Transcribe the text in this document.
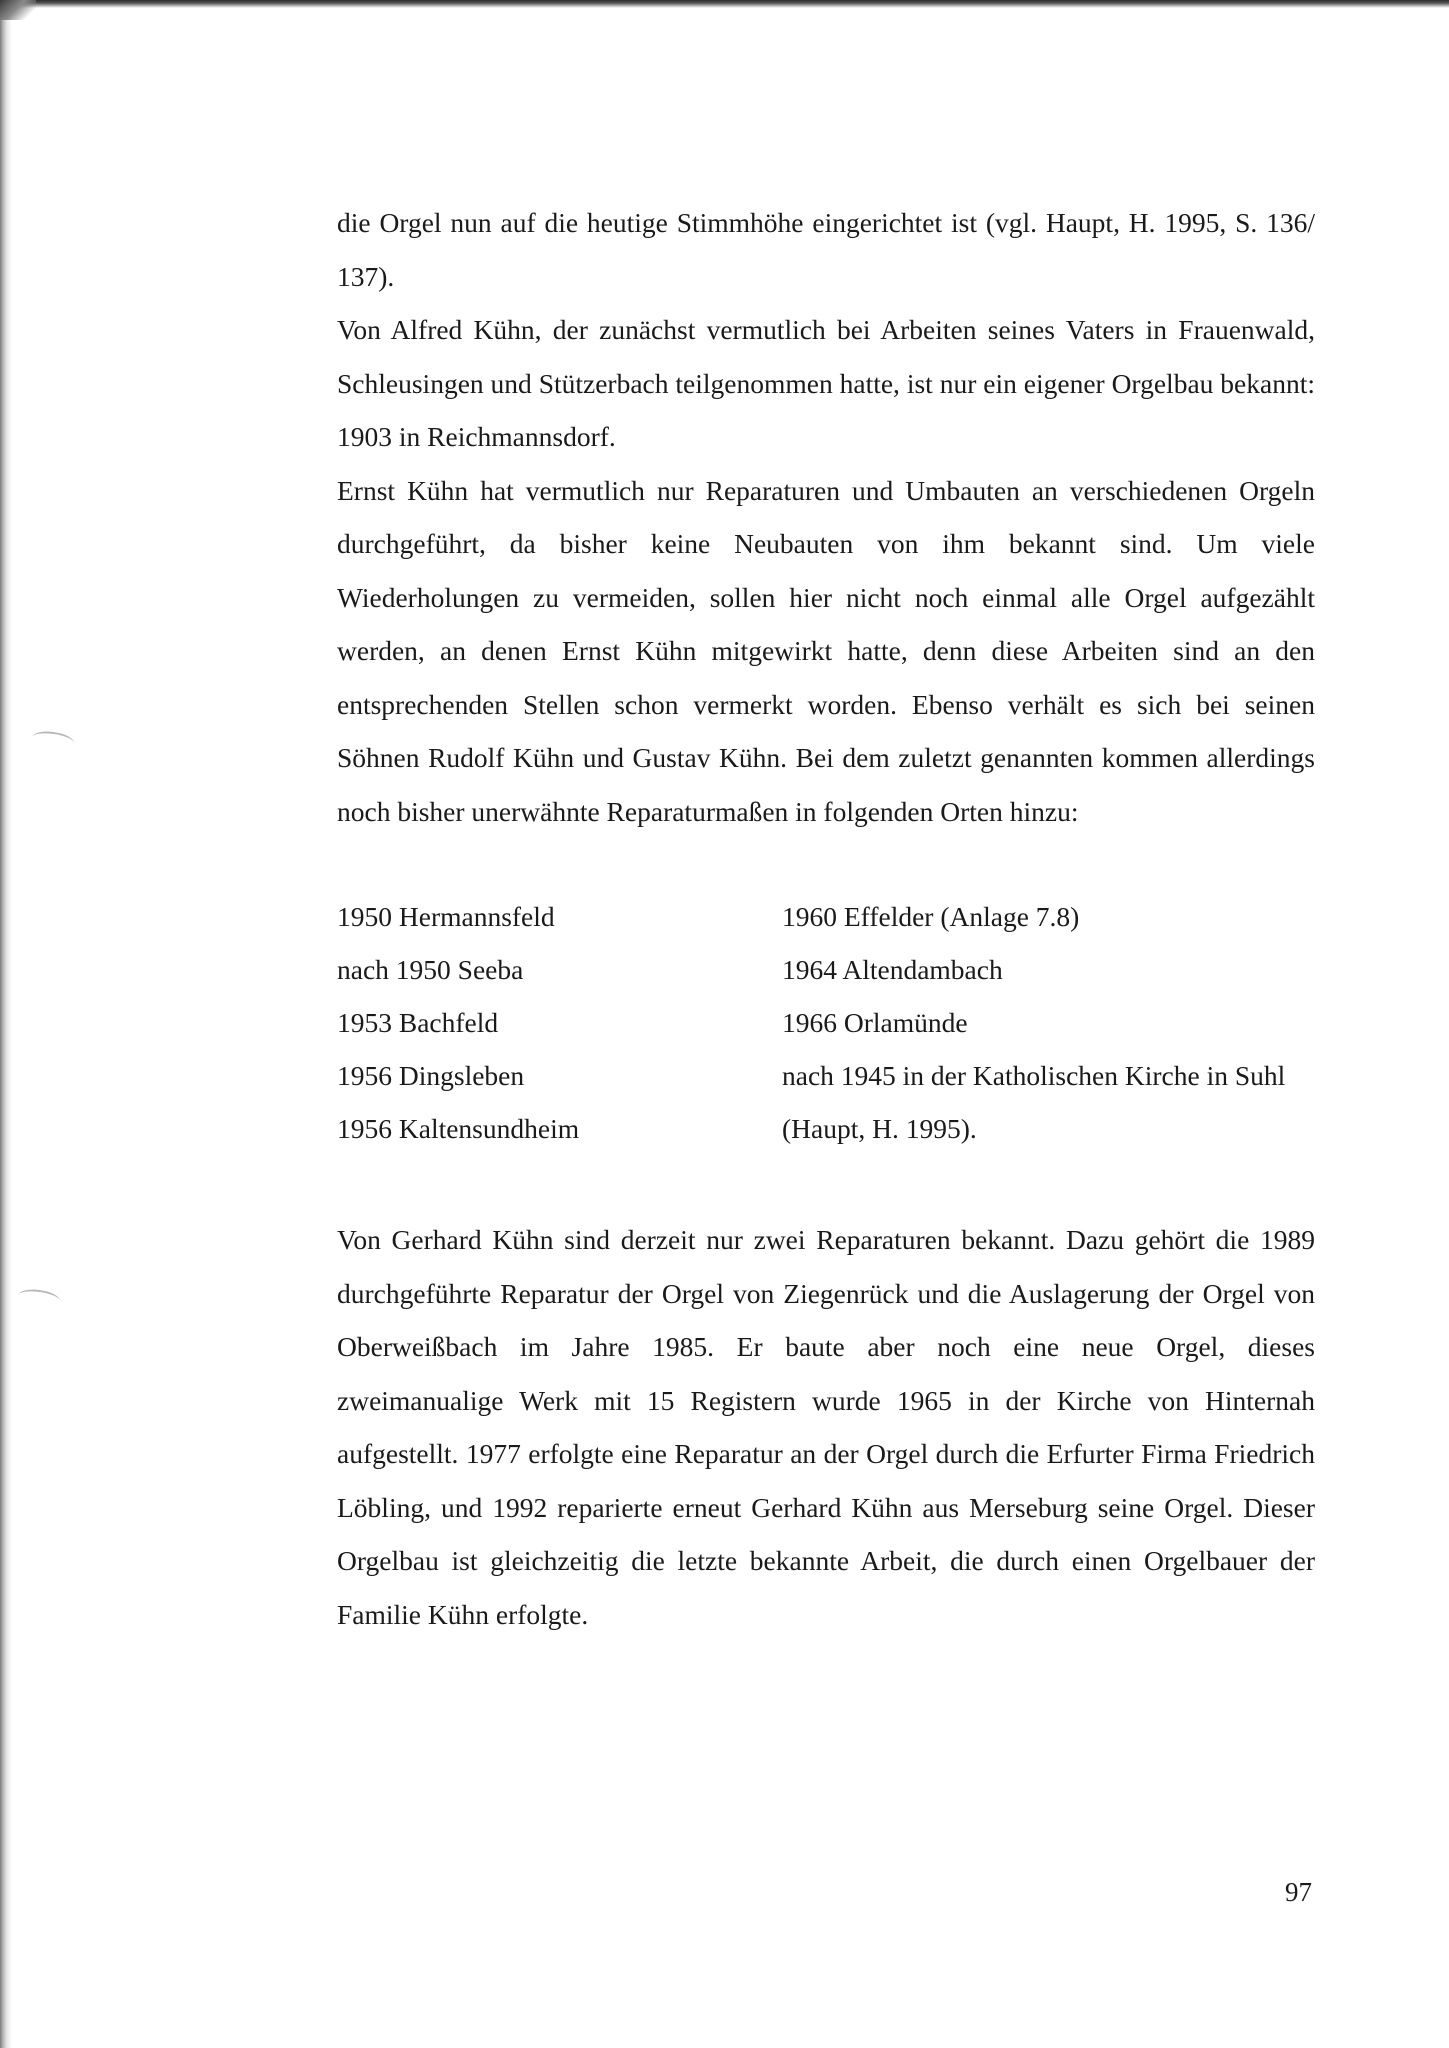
die Orgel nun auf die heutige Stimmhöhe eingerichtet ist (vgl. Haupt, H. 1995, S. 136/ 137).

Von Alfred Kühn, der zunächst vermutlich bei Arbeiten seines Vaters in Frauenwald, Schleusingen und Stützerbach teilgenommen hatte, ist nur ein eigener Orgelbau bekannt: 1903 in Reichmannsdorf.

Ernst Kühn hat vermutlich nur Reparaturen und Umbauten an verschiedenen Orgeln durchgeführt, da bisher keine Neubauten von ihm bekannt sind. Um viele Wiederholungen zu vermeiden, sollen hier nicht noch einmal alle Orgel aufgezählt werden, an denen Ernst Kühn mitgewirkt hatte, denn diese Arbeiten sind an den entsprechenden Stellen schon vermerkt worden. Ebenso verhält es sich bei seinen Söhnen Rudolf Kühn und Gustav Kühn. Bei dem zuletzt genannten kommen allerdings noch bisher unerwähnte Reparaturmaßen in folgenden Orten hinzu:

1950 Hermannsfeld
nach 1950 Seeba
1953 Bachfeld
1956 Dingsleben
1956 Kaltensundheim
1960 Effelder (Anlage 7.8)
1964 Altendambach
1966 Orlamünde
nach 1945 in der Katholischen Kirche in Suhl
(Haupt, H. 1995).

Von Gerhard Kühn sind derzeit nur zwei Reparaturen bekannt. Dazu gehört die 1989 durchgeführte Reparatur der Orgel von Ziegenrück und die Auslagerung der Orgel von Oberweißbach im Jahre 1985. Er baute aber noch eine neue Orgel, dieses zweimanualige Werk mit 15 Registern wurde 1965 in der Kirche von Hinternah aufgestellt. 1977 erfolgte eine Reparatur an der Orgel durch die Erfurter Firma Friedrich Löbling, und 1992 reparierte erneut Gerhard Kühn aus Merseburg seine Orgel. Dieser Orgelbau ist gleichzeitig die letzte bekannte Arbeit, die durch einen Orgelbauer der Familie Kühn erfolgte.

97
